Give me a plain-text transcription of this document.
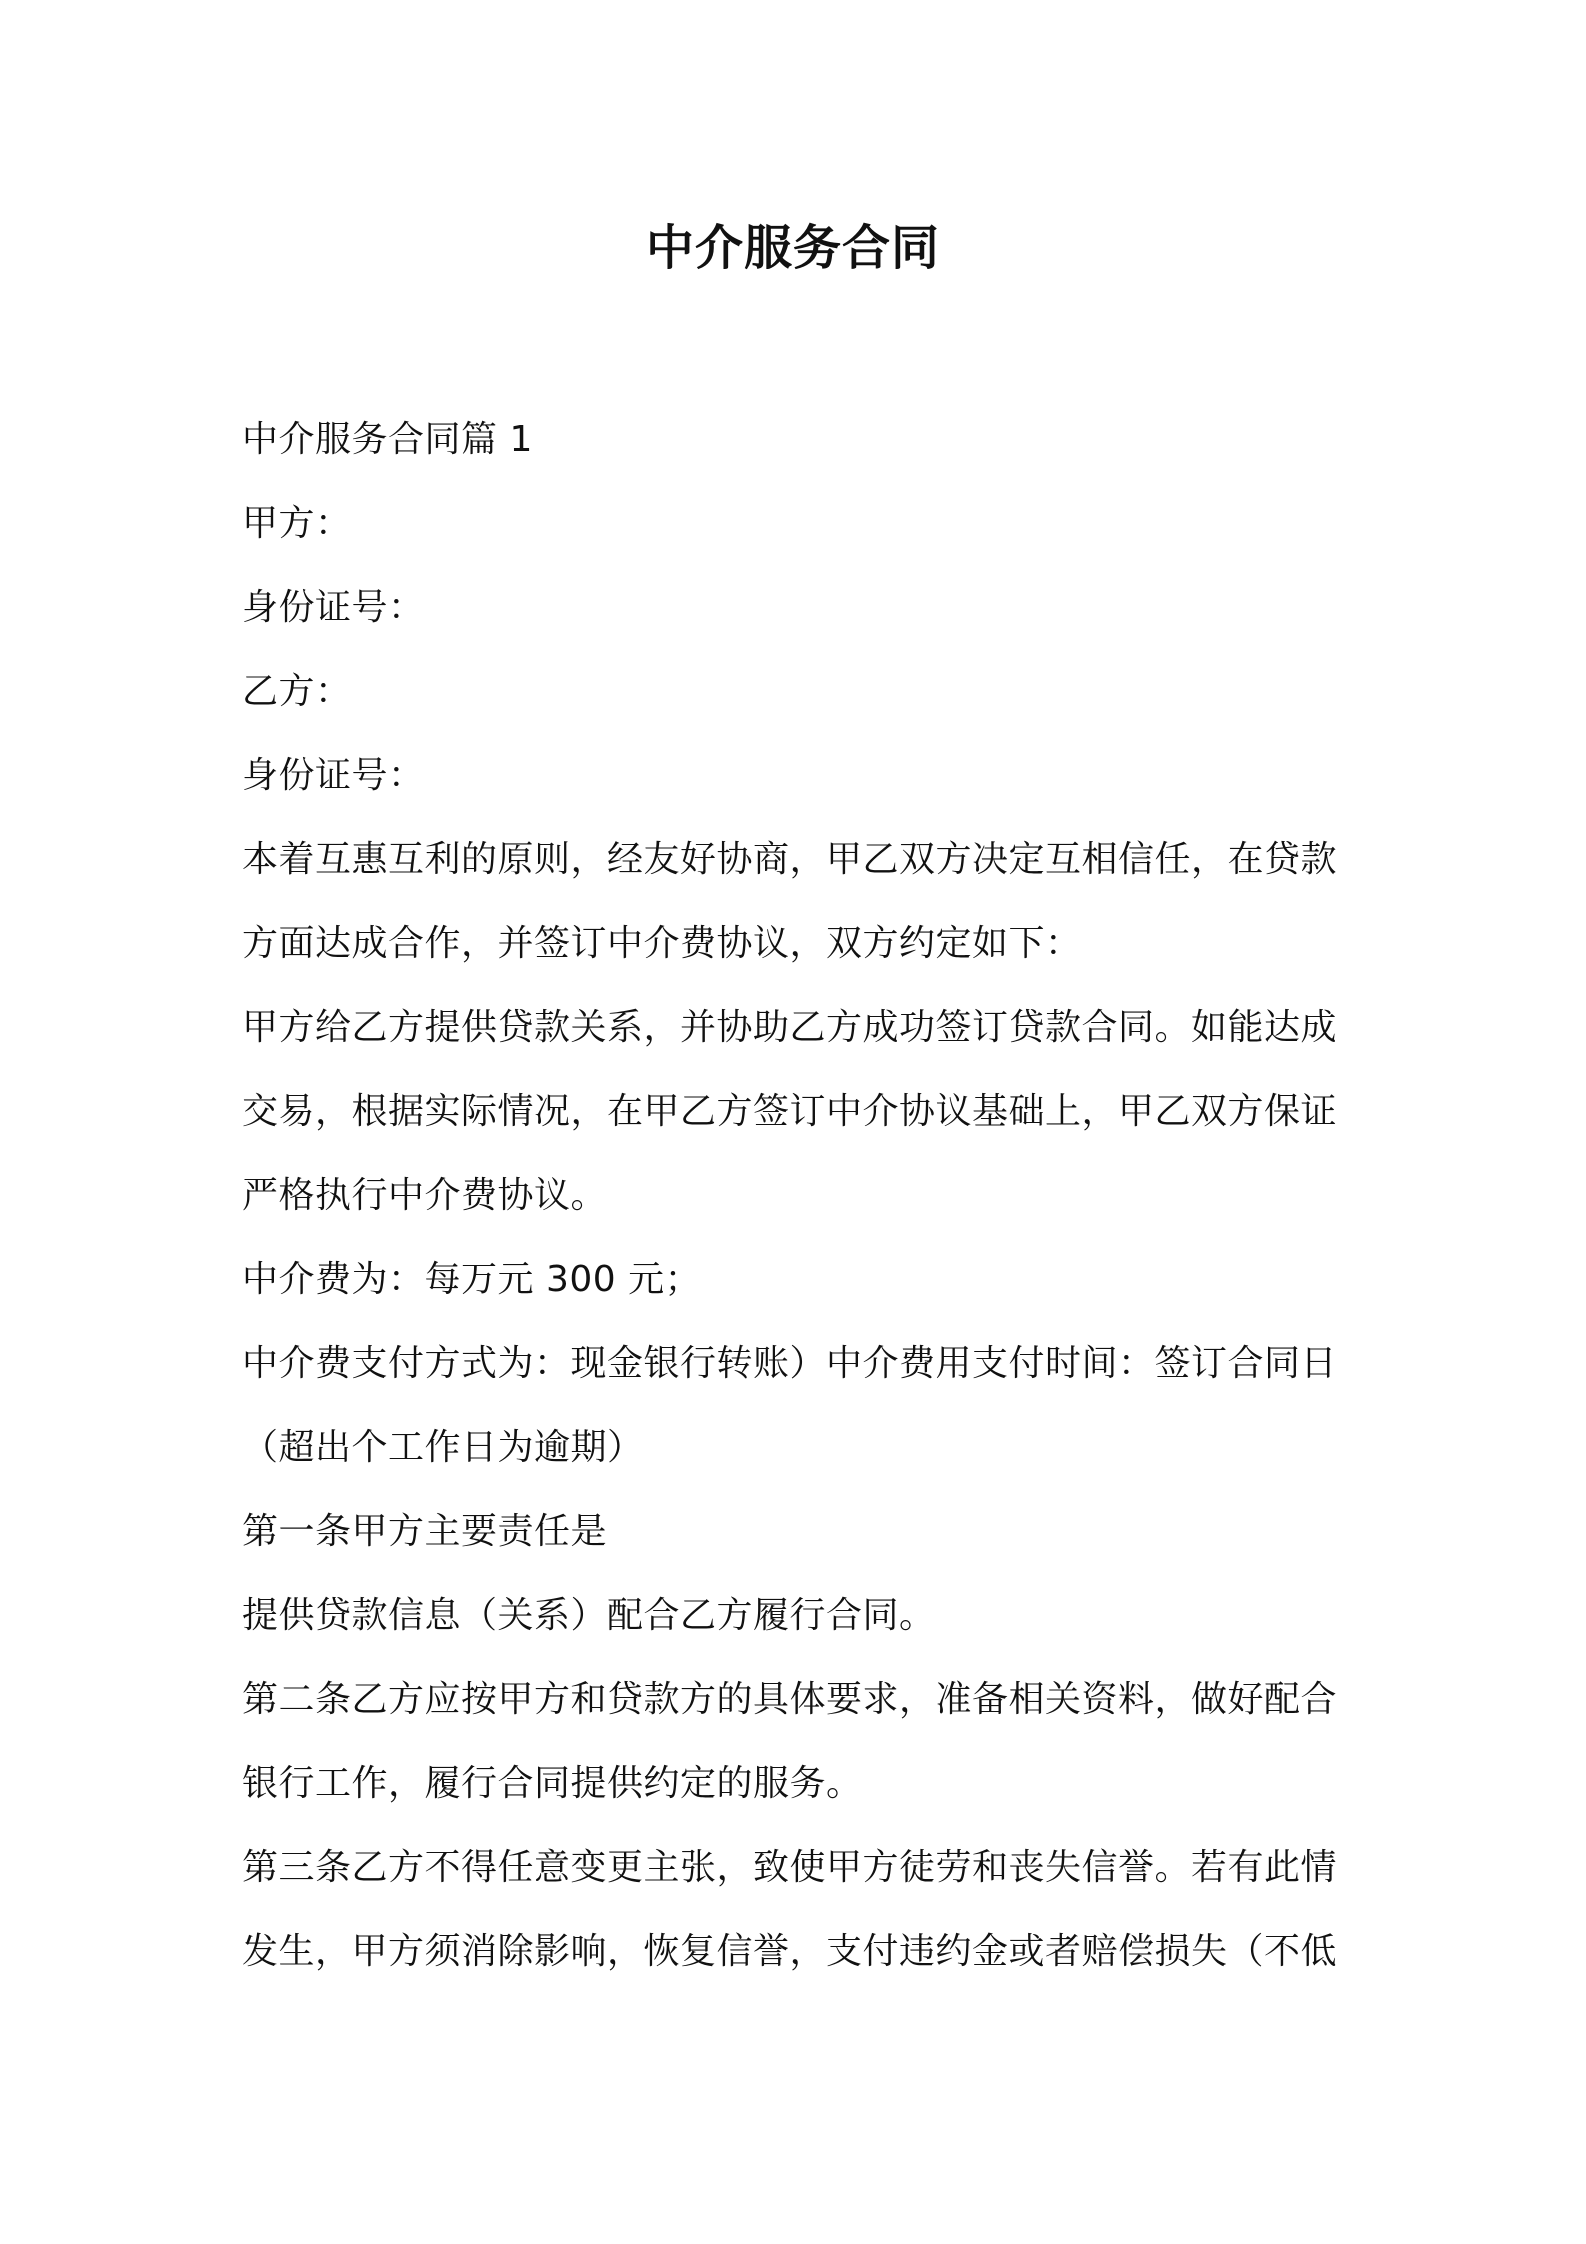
中介服务合同

中介服务合同篇 1

甲方：

身份证号：

乙方：

身份证号：

本着互惠互利的原则，经友好协商，甲乙双方决定互相信任，在贷款

方面达成合作，并签订中介费协议，双方约定如下：

甲方给乙方提供贷款关系，并协助乙方成功签订贷款合同。如能达成

交易，根据实际情况，在甲乙方签订中介协议基础上，甲乙双方保证

严格执行中介费协议。

中介费为：每万元 300 元；

中介费支付方式为：现金银行转账）中介费用支付时间：签订合同日

（超出个工作日为逾期）

第一条甲方主要责任是

提供贷款信息（关系）配合乙方履行合同。

第二条乙方应按甲方和贷款方的具体要求，准备相关资料，做好配合

银行工作，履行合同提供约定的服务。

第三条乙方不得任意变更主张，致使甲方徒劳和丧失信誉。若有此情

发生，甲方须消除影响，恢复信誉，支付违约金或者赔偿损失（不低
